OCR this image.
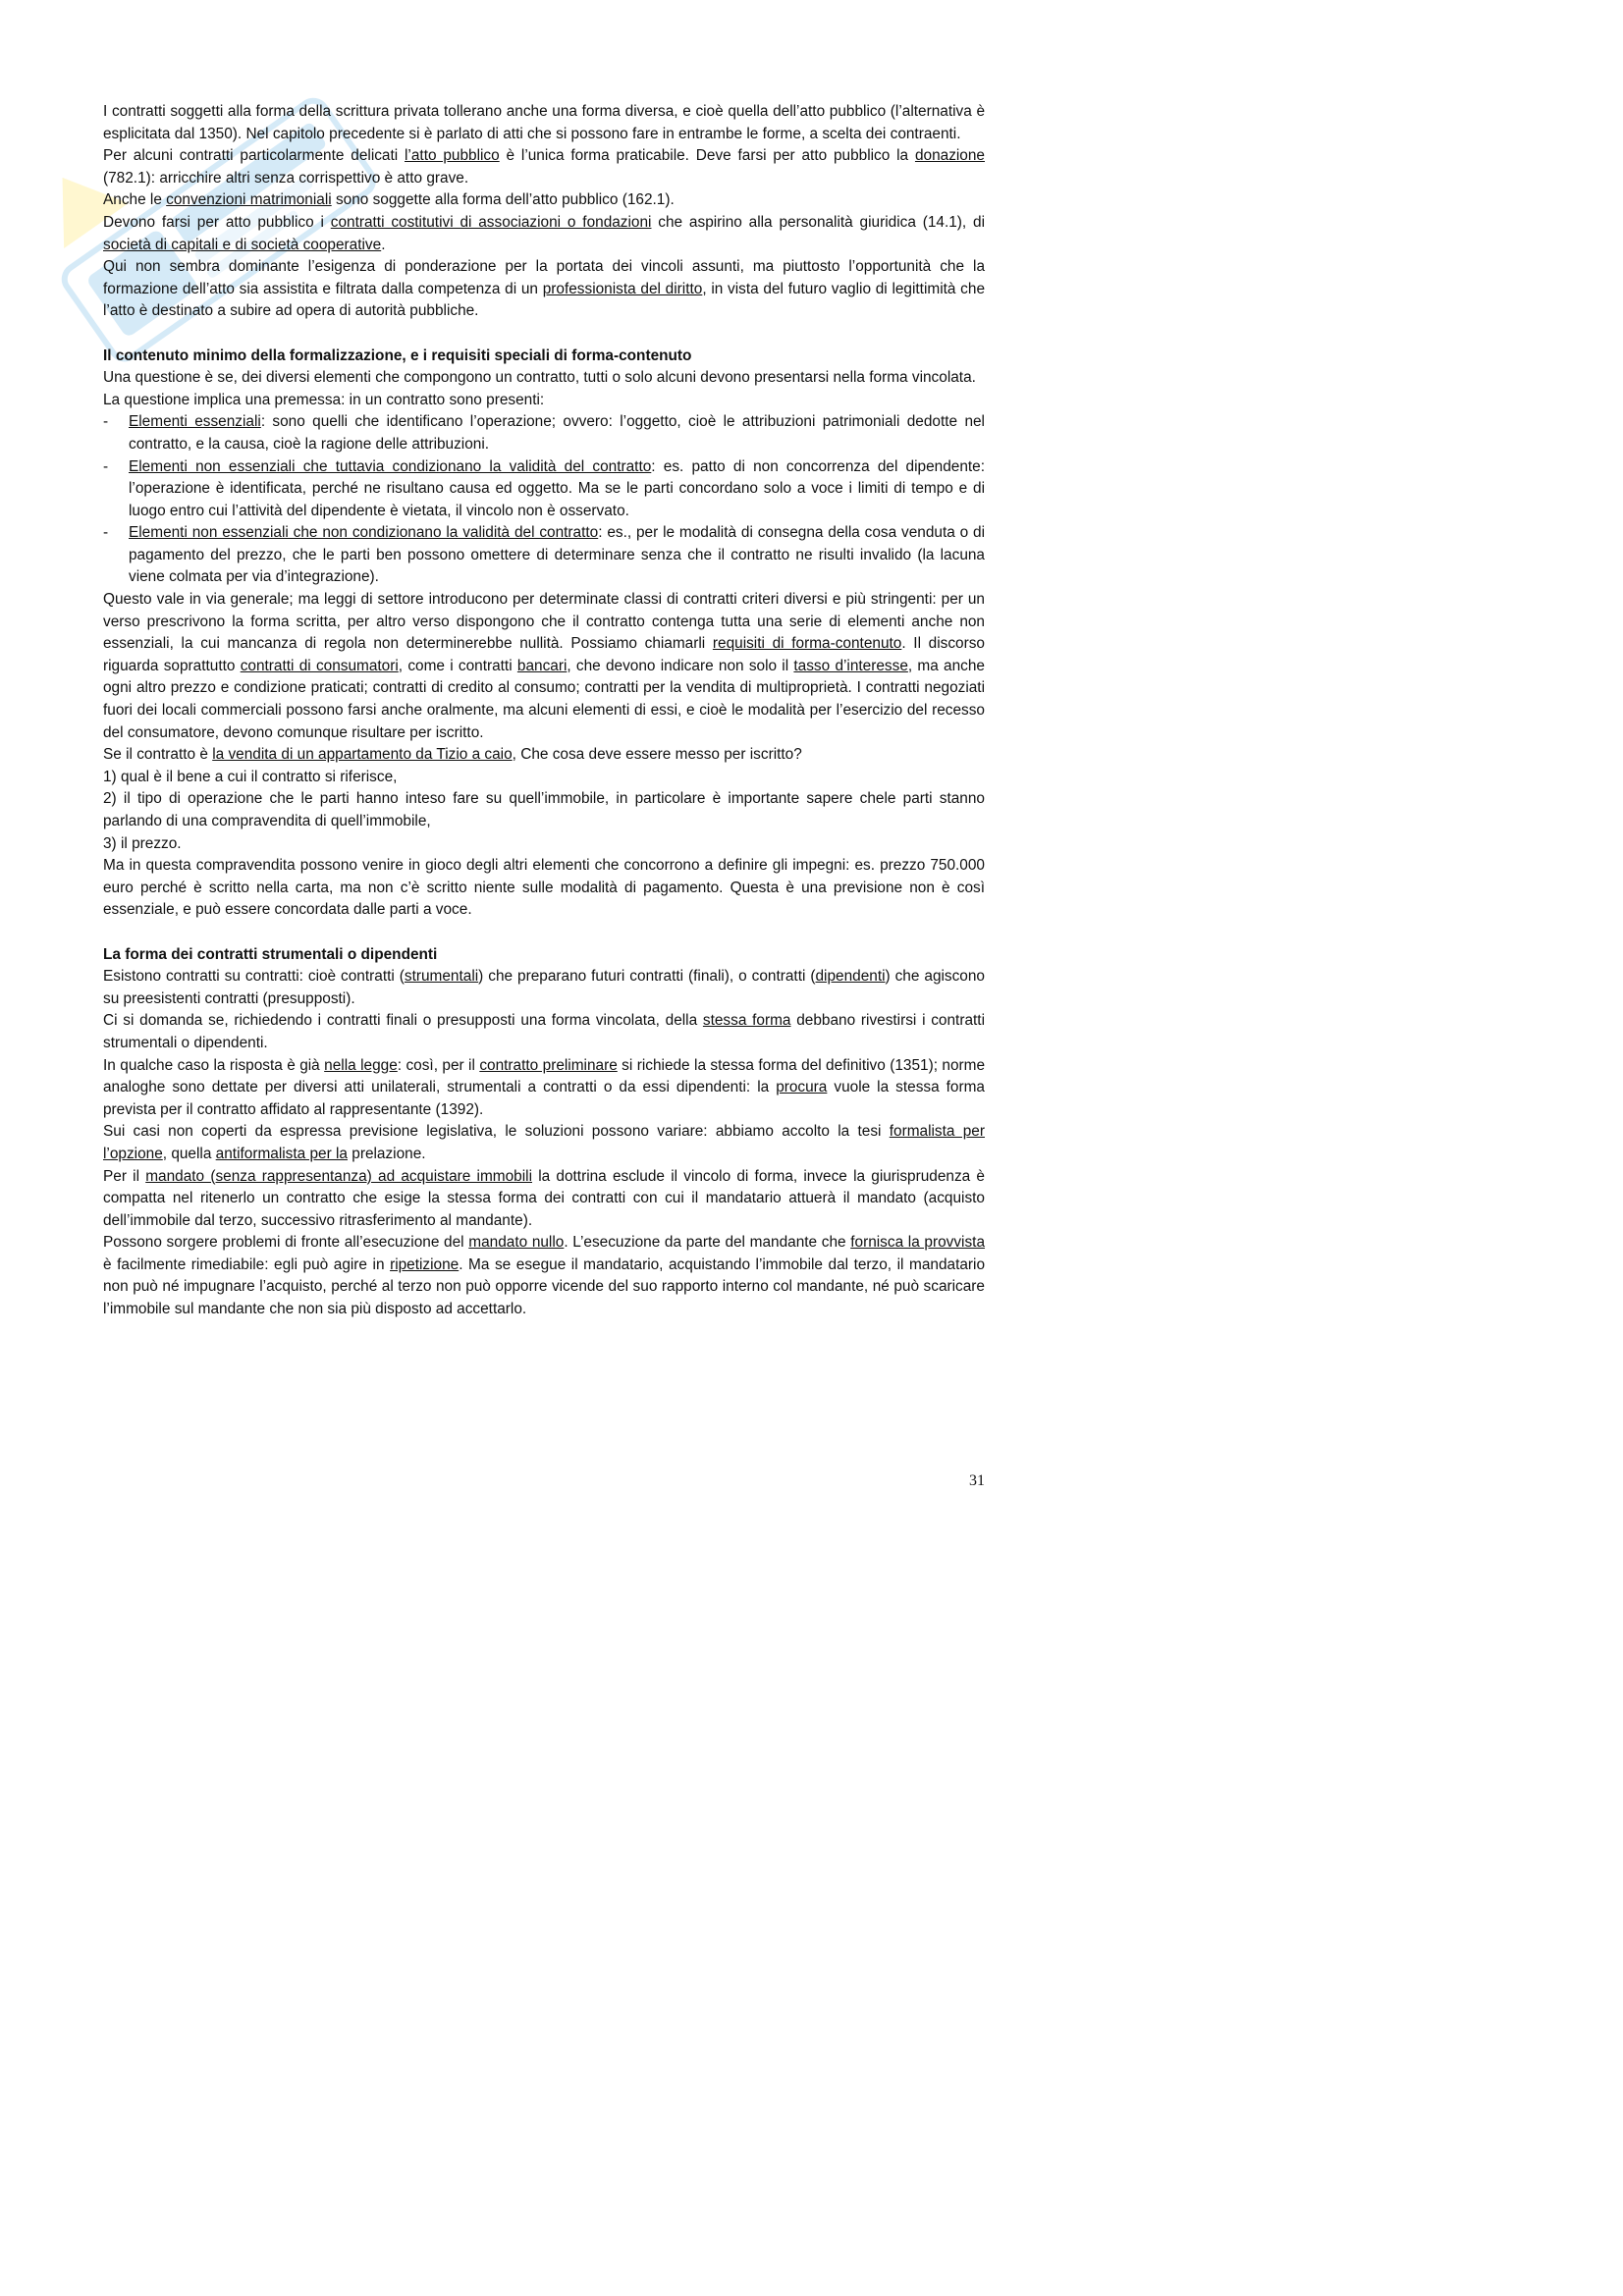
I contratti soggetti alla forma della scrittura privata tollerano anche una forma diversa, e cioè quella dell’atto pubblico (l’alternativa è esplicitata dal 1350). Nel capitolo precedente si è parlato di atti che si possono fare in entrambe le forme, a scelta dei contraenti.

Per alcuni contratti particolarmente delicati l’atto pubblico è l’unica forma praticabile. Deve farsi per atto pubblico la donazione (782.1): arricchire altri senza corrispettivo è atto grave.

Anche le convenzioni matrimoniali sono soggette alla forma dell’atto pubblico (162.1).

Devono farsi per atto pubblico i contratti costitutivi di associazioni o fondazioni che aspirino alla personalità giuridica (14.1), di società di capitali e di società cooperative.

Qui non sembra dominante l’esigenza di ponderazione per la portata dei vincoli assunti, ma piuttosto l’opportunità che la formazione dell’atto sia assistita e filtrata dalla competenza di un professionista del diritto, in vista del futuro vaglio di legittimità che l’atto è destinato a subire ad opera di autorità pubbliche.

Il contenuto minimo della formalizzazione, e i requisiti speciali di forma-contenuto

Una questione è se, dei diversi elementi che compongono un contratto, tutti o solo alcuni devono presentarsi nella forma vincolata.

La questione implica una premessa: in un contratto sono presenti:

- Elementi essenziali: sono quelli che identificano l’operazione; ovvero: l’oggetto, cioè le attribuzioni patrimoniali dedotte nel contratto, e la causa, cioè la ragione delle attribuzioni.
- Elementi non essenziali che tuttavia condizionano la validità del contratto: es. patto di non concorrenza del dipendente: l’operazione è identificata, perché ne risultano causa ed oggetto. Ma se le parti concordano solo a voce i limiti di tempo e di luogo entro cui l’attività del dipendente è vietata, il vincolo non è osservato.
- Elementi non essenziali che non condizionano la validità del contratto: es., per le modalità di consegna della cosa venduta o di pagamento del prezzo, che le parti ben possono omettere di determinare senza che il contratto ne risulti invalido (la lacuna viene colmata per via d’integrazione).

Questo vale in via generale; ma leggi di settore introducono per determinate classi di contratti criteri diversi e più stringenti: per un verso prescrivono la forma scritta, per altro verso dispongono che il contratto contenga tutta una serie di elementi anche non essenziali, la cui mancanza di regola non determinerebbe nullità. Possiamo chiamarli requisiti di forma-contenuto. Il discorso riguarda soprattutto contratti di consumatori, come i contratti bancari, che devono indicare non solo il tasso d’interesse, ma anche ogni altro prezzo e condizione praticati; contratti di credito al consumo; contratti per la vendita di multiproprietà. I contratti negoziati fuori dei locali commerciali possono farsi anche oralmente, ma alcuni elementi di essi, e cioè le modalità per l’esercizio del recesso del consumatore, devono comunque risultare per iscritto.

Se il contratto è la vendita di un appartamento da Tizio a caio, Che cosa deve essere messo per iscritto?

1) qual è il bene a cui il contratto si riferisce,

2) il tipo di operazione che le parti hanno inteso fare su quell’immobile, in particolare è importante sapere chele parti stanno parlando di una compravendita di quell’immobile,

3) il prezzo.

Ma in questa compravendita possono venire in gioco degli altri elementi che concorrono a definire gli impegni: es. prezzo 750.000 euro perché è scritto nella carta, ma non c’è scritto niente sulle modalità di pagamento. Questa è una previsione non è così essenziale, e può essere concordata dalle parti a voce.

La forma dei contratti strumentali o dipendenti

Esistono contratti su contratti: cioè contratti (strumentali) che preparano futuri contratti (finali), o contratti (dipendenti) che agiscono su preesistenti contratti (presupposti).

Ci si domanda se, richiedendo i contratti finali o presupposti una forma vincolata, della stessa forma debbano rivestirsi i contratti strumentali o dipendenti.

In qualche caso la risposta è già nella legge: così, per il contratto preliminare si richiede la stessa forma del definitivo (1351); norme analoghe sono dettate per diversi atti unilaterali, strumentali a contratti o da essi dipendenti: la procura vuole la stessa forma prevista per il contratto affidato al rappresentante (1392).

Sui casi non coperti da espressa previsione legislativa, le soluzioni possono variare: abbiamo accolto la tesi formalista per l’opzione, quella antiformalista per la prelazione.

Per il mandato (senza rappresentanza) ad acquistare immobili la dottrina esclude il vincolo di forma, invece la giurisprudenza è compatta nel ritenerlo un contratto che esige la stessa forma dei contratti con cui il mandatario attuerà il mandato (acquisto dell’immobile dal terzo, successivo ritrasferimento al mandante).

Possono sorgere problemi di fronte all’esecuzione del mandato nullo. L’esecuzione da parte del mandante che fornisca la provvista è facilmente rimediabile: egli può agire in ripetizione. Ma se esegue il mandatario, acquistando l’immobile dal terzo, il mandatario non può né impugnare l’acquisto, perché al terzo non può opporre vicende del suo rapporto interno col mandante, né può scaricare l’immobile sul mandante che non sia più disposto ad accettarlo.

31
